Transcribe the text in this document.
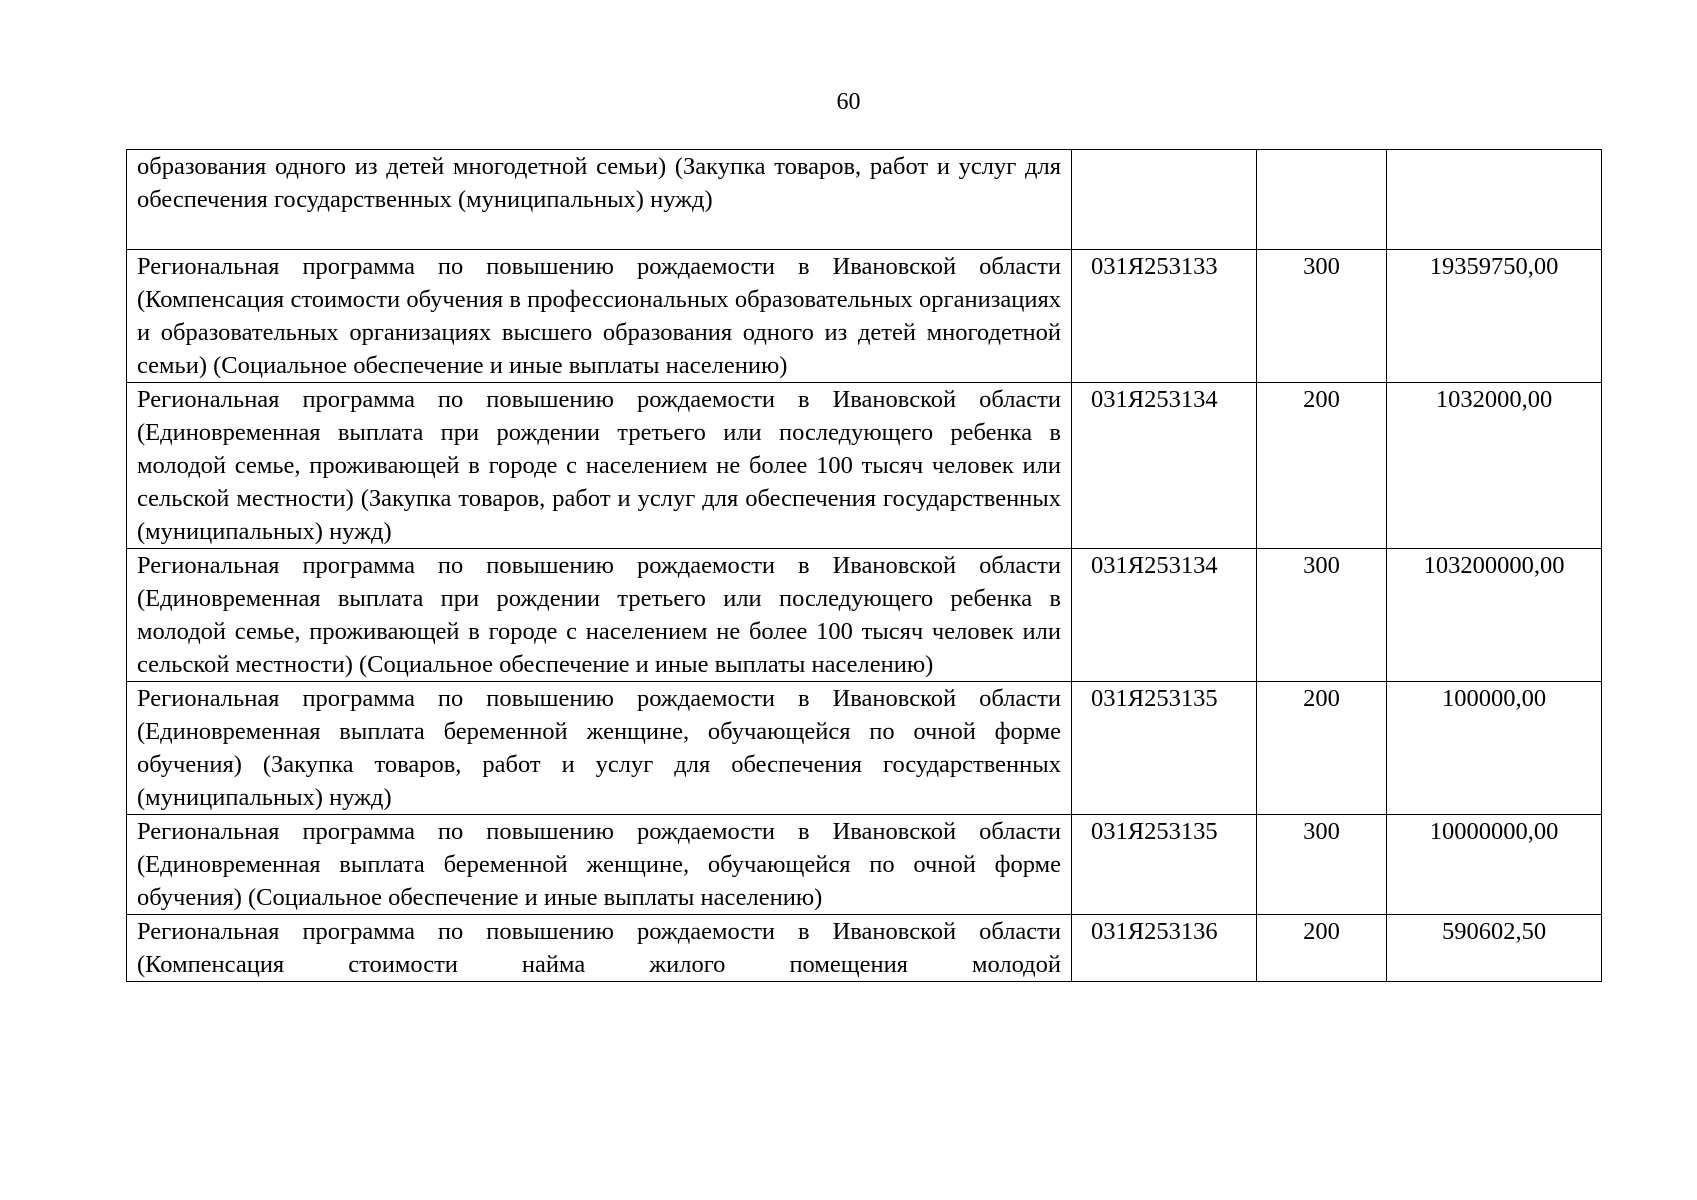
60
образования одного из детей многодетной семьи) (Закупка товаров, работ и услуг для обеспечения государственных (муниципальных) нужд)			
Региональная программа по повышению рождаемости в Ивановской области (Компенсация стоимости обучения в профессиональных образовательных организациях и образовательных организациях высшего образования одного из детей многодетной семьи) (Социальное обеспечение и иные выплаты населению)	031Я253133	300	19359750,00
Региональная программа по повышению рождаемости в Ивановской области (Единовременная выплата при рождении третьего или последующего ребенка в молодой семье, проживающей в городе с населением не более 100 тысяч человек или сельской местности) (Закупка товаров, работ и услуг для обеспечения государственных (муниципальных) нужд)	031Я253134	200	1032000,00
Региональная программа по повышению рождаемости в Ивановской области (Единовременная выплата при рождении третьего или последующего ребенка в молодой семье, проживающей в городе с населением не более 100 тысяч человек или сельской местности) (Социальное обеспечение и иные выплаты населению)	031Я253134	300	103200000,00
Региональная программа по повышению рождаемости в Ивановской области (Единовременная выплата беременной женщине, обучающейся по очной форме обучения) (Закупка товаров, работ и услуг для обеспечения государственных (муниципальных) нужд)	031Я253135	200	100000,00
Региональная программа по повышению рождаемости в Ивановской области (Единовременная выплата беременной женщине, обучающейся по очной форме обучения) (Социальное обеспечение и иные выплаты населению)	031Я253135	300	10000000,00
Региональная программа по повышению рождаемости в Ивановской области (Компенсация стоимости найма жилого помещения молодой	031Я253136	200	590602,50
